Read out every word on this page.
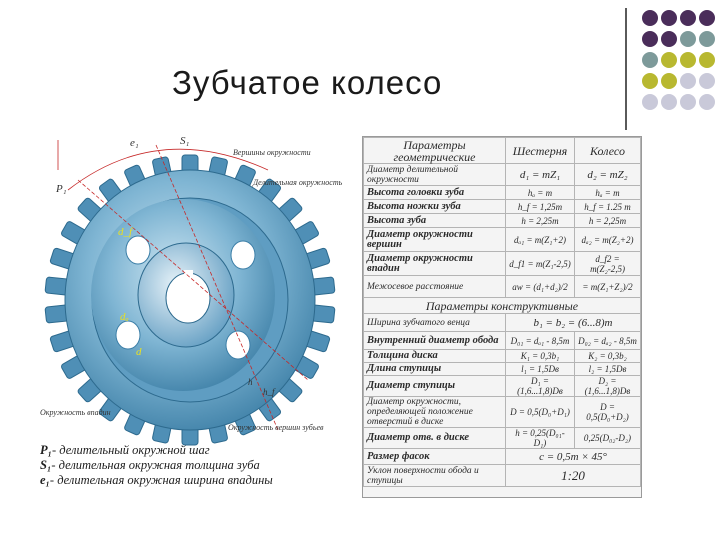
Зубчатое колесо
e₁	S₁
P₁
Вершины окружности
Делительная окружность
Окружность впадин
Окружность вершин зубьев
dₐ
d
d_f
h
h_f
P₁- делительный окружной шаг
S₁- делительная окружная толщина зуба
e₁- делительная окружная ширина впадины
Параметры геометрические	Шестерня	Колесо
Диаметр делительной окружности	d₁ = mZ₁	d₂ = mZ₂
Высота головки зуба	hₐ = m	hₐ = m
Высота ножки зуба	h_f = 1,25m	h_f = 1.25 m
Высота зуба	h = 2,25m	h = 2,25m
Диаметр окружности вершин	dₐ₁ = m(Z₁+2)	dₐ₂ = m(Z₂+2)
Диаметр окружности впадин	d_f1 = m(Z₁-2,5)	d_f2 = m(Z₂-2,5)
Межосевое расстояние	aw = (d₁+d₂)/2	= m(Z₁+Z₂)/2
Параметры конструктивные		
Ширина зубчатого венца	b₁ = b₂ = (6...8)m	
Внутренний диаметр обода	D₀₁ = dₐ₁ - 8,5m	D₀₂ = dₐ₂ - 8,5m
Толщина диска	K₁ = 0,3b₁	K₂ = 0,3b₂
Длина ступицы	l₁ = 1,5Dв	l₂ = 1,5Dв
Диаметр ступицы	D₁ = (1,6...1,8)Dв	D₂ = (1,6...1,8)Dв
Диаметр окружности, определяющей положение отверстий в диске	D = 0,5(D₀+D₁)	D = 0,5(D₀+D₂)
Диаметр отв. в диске	h = 0,25(D₀₁-D₁)	0,25(D₀₂-D₂)
Размер фасок	c = 0,5m × 45°	
Уклон поверхности обода и ступицы	1:20	
